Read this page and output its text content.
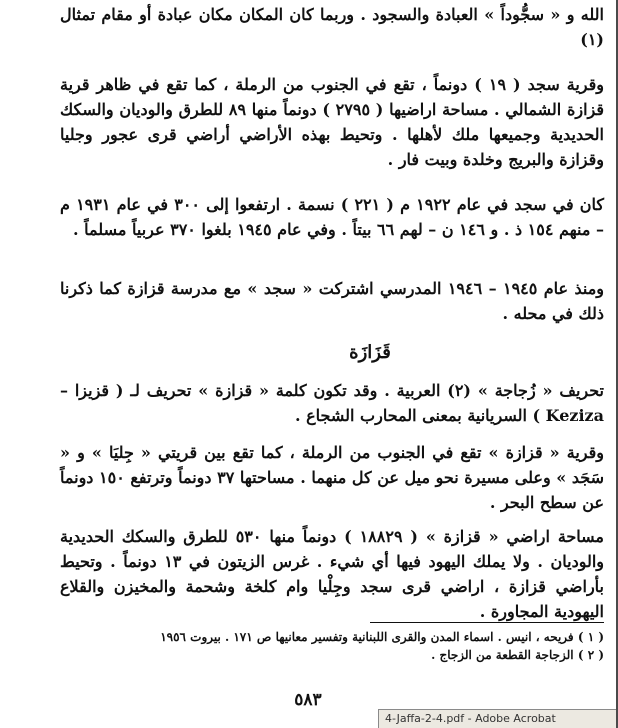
الله و « سجُّوداً » العبادة والسجود . وربما كان المكان مكان عبادة أو مقام تمثال (١)

وقرية سجد ( ١٩ ) دونماً ، تقع في الجنوب من الرملة ، كما تقع في ظاهر قرية قزازة الشمالي . مساحة اراضيها ( ٢٧٩٥ ) دونماً منها ٨٩ للطرق والوديان والسكك الحديدية وجميعها ملك لأهلها . وتحيط بهذه الأراضي أراضي قرى عجور وجليا وقزازة والبريج وخلدة وبيت فار .

كان في سجد في عام ١٩٢٢ م ( ٢٢١ ) نسمة . ارتفعوا إلى ٣٠٠ في عام ١٩٣١ م – منهم ١٥٤ ذ . و ١٤٦ ن – لهم ٦٦ بيتاً . وفي عام ١٩٤٥ بلغوا ٣٧٠ عربياً مسلماً .

ومنذ عام ١٩٤٥ – ١٩٤٦ المدرسي اشتركت « سجد » مع مدرسة قزازة كما ذكرنا ذلك في محله .

قَزَازَة

تحريف « زُجاجة » (٢) العربية . وقد تكون كلمة « قزازة » تحريف لـ ( قزيزا – Keziza ) السريانية بمعنى المحارب الشجاع .

وقرية « قزازة » تقع في الجنوب من الرملة ، كما تقع بين قريتي « جِليَا » و « سَجَد » وعلى مسيرة نحو ميل عن كل منهما . مساحتها ٣٧ دونماً وترتفع ١٥٠ دونماً عن سطح البحر .

مساحة اراضي « قزازة » ( ١٨٨٢٩ ) دونماً منها ٥٣٠ للطرق والسكك الحديدية والوديان . ولا يملك اليهود فيها أي شيء . غرس الزيتون في ١٣ دونماً . وتحيط بأراضي قزازة ، اراضي قرى سجد وجِلْيا وام كلخة وشحمة والمخيزن والقلاع اليهودية المجاورة .

( ١ ) فريحه ، انيس . اسماء المدن والقرى اللبنانية وتفسير معانيها ص ١٧١ . بيروت ١٩٥٦

( ٢ ) الزجاجة القطعة من الزجاج .

٥٨٣
4-Jaffa-2-4.pdf - Adobe Acrobat
